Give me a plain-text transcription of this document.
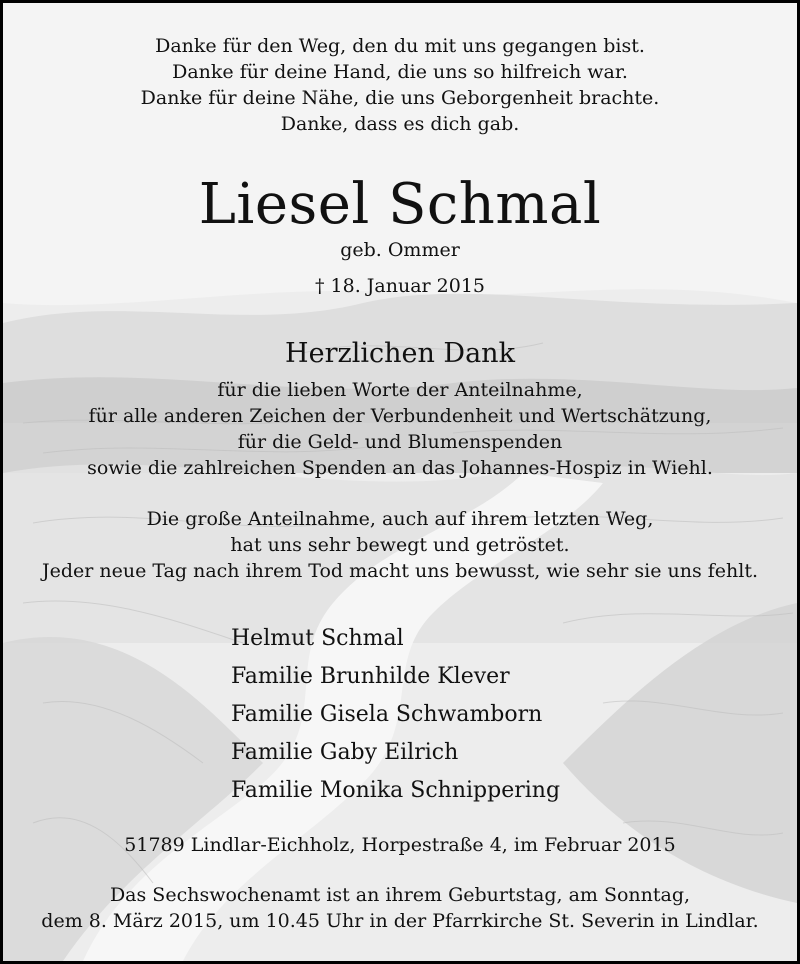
Danke für den Weg, den du mit uns gegangen bist.
Danke für deine Hand, die uns so hilfreich war.
Danke für deine Nähe, die uns Geborgenheit brachte.
Danke, dass es dich gab.
Liesel Schmal
geb. Ommer
† 18. Januar 2015
Herzlichen Dank
für die lieben Worte der Anteilnahme,
für alle anderen Zeichen der Verbundenheit und Wertschätzung,
für die Geld- und Blumenspenden
sowie die zahlreichen Spenden an das Johannes-Hospiz in Wiehl.
Die große Anteilnahme, auch auf ihrem letzten Weg,
hat uns sehr bewegt und getröstet.
Jeder neue Tag nach ihrem Tod macht uns bewusst, wie sehr sie uns fehlt.
Helmut Schmal
Familie Brunhilde Klever
Familie Gisela Schwamborn
Familie Gaby Eilrich
Familie Monika Schnippering
51789 Lindlar-Eichholz, Horpestraße 4, im Februar 2015
Das Sechswochenamt ist an ihrem Geburtstag, am Sonntag,
dem 8. März 2015, um 10.45 Uhr in der Pfarrkirche St. Severin in Lindlar.
